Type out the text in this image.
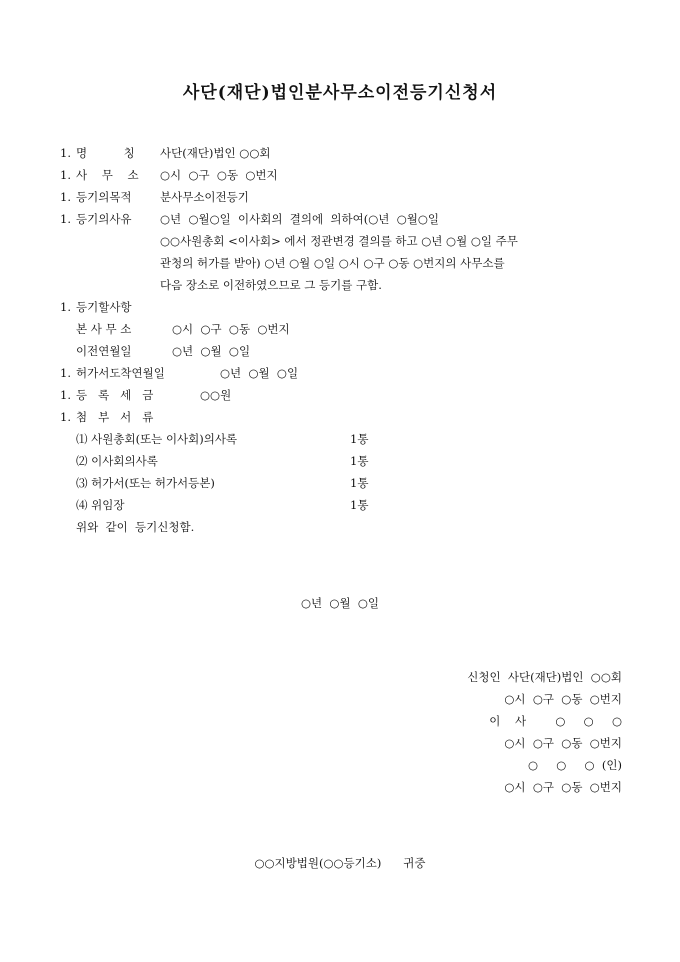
사단(재단)법인분사무소이전등기신청서
1. 명          칭 사단(재단)법인 ○○회
1. 사    무    소 ○시  ○구  ○동  ○번지
1. 등기의목적 분사무소이전등기
1. 등기의사유 ○년  ○월○일  이사회의  결의에  의하여(○년  ○월○일
○○사원총회 <이사회> 에서 정관변경 결의를 하고 ○년 ○월 ○일 주무
관청의 허가를 받아) ○년 ○월 ○일 ○시 ○구 ○동 ○번지의 사무소를
다음 장소로 이전하였으므로 그 등기를 구함.
1. 등기할사항
본 사 무 소	○시  ○구  ○동  ○번지
이전연월일	○년  ○월  ○일
1. 허가서도착연월일	○년  ○월  ○일
1. 등   록   세   금	○○원
1. 첨   부   서   류
⑴ 사원총회(또는 이사회)의사록	1통
⑵ 이사회의사록	1통
⑶ 허가서(또는 허가서등본)	1통
⑷ 위임장	1통
위와  같이  등기신청함.
○년  ○월  ○일
신청인  사단(재단)법인  ○○회
○시  ○구  ○동  ○번지
이    사        ○     ○     ○
○시  ○구  ○동  ○번지
○     ○     ○  (인)
○시  ○구  ○동  ○번지
○○지방법원(○○등기소)      귀중
